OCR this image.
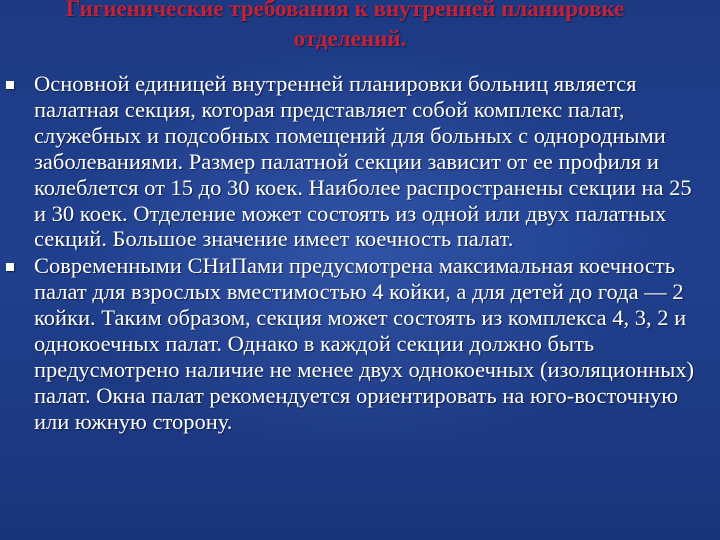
Гигиенические требования к внутренней планировке
отделений.
Основной единицей внутренней планировки больниц является палатная секция, которая представляет собой комплекс палат, служебных и подсобных помещений для больных с однородными заболеваниями. Размер палатной секции зависит от ее профиля и колеблется от 15 до 30 коек. Наиболее распространены секции на 25 и 30 коек. Отделение может состоять из одной или двух палатных секций. Большое значение имеет коечность палат.
Современными СНиПами предусмотрена максимальная коечность палат для взрослых вместимостью 4 койки, а для детей до года — 2 койки. Таким образом, секция может состоять из комплекса 4, 3, 2 и однокоечных палат. Однако в каждой секции должно быть предусмотрено наличие не менее двух однокоечных (изоляционных) палат. Окна палат рекомендуется ориентировать на юго-восточную или южную сторону.
